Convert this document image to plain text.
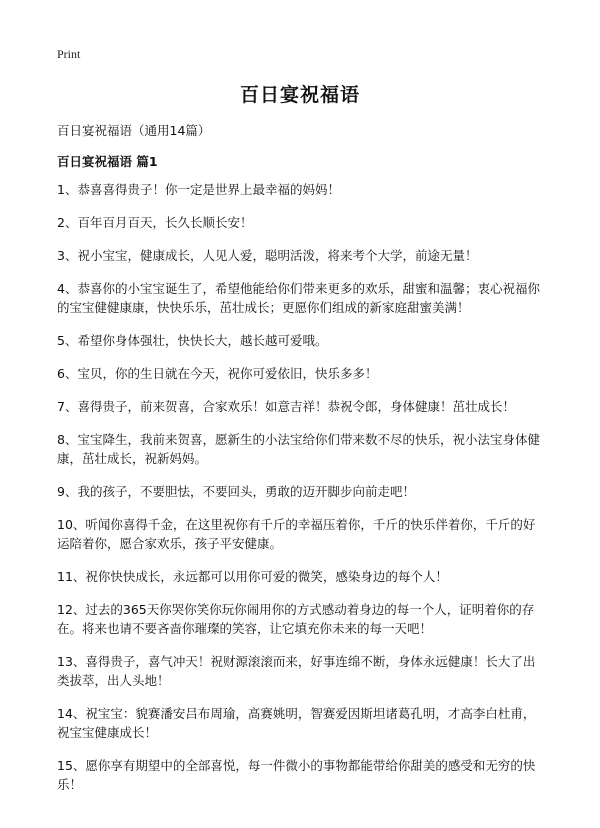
Print
百日宴祝福语

百日宴祝福语（通用14篇）

百日宴祝福语 篇1
1、恭喜喜得贵子！你一定是世界上最幸福的妈妈！
2、百年百月百天，长久长顺长安！
3、祝小宝宝，健康成长，人见人爱，聪明活泼，将来考个大学，前途无量！
4、恭喜你的小宝宝诞生了，希望他能给你们带来更多的欢乐，甜蜜和温馨；衷心祝福你的宝宝健健康康，快快乐乐，茁壮成长；更愿你们组成的新家庭甜蜜美满！
5、希望你身体强壮，快快长大，越长越可爱哦。
6、宝贝，你的生日就在今天，祝你可爱依旧，快乐多多！
7、喜得贵子，前来贺喜，合家欢乐！如意吉祥！恭祝令郎，身体健康！茁壮成长！
8、宝宝降生，我前来贺喜，愿新生的小法宝给你们带来数不尽的快乐，祝小法宝身体健康，茁壮成长，祝新妈妈。
9、我的孩子，不要胆怯，不要回头，勇敢的迈开脚步向前走吧！
10、听闻你喜得千金，在这里祝你有千斤的幸福压着你，千斤的快乐伴着你，千斤的好运陪着你，愿合家欢乐，孩子平安健康。
11、祝你快快成长，永远都可以用你可爱的微笑，感染身边的每个人！
12、过去的365天你哭你笑你玩你闹用你的方式感动着身边的每一个人，证明着你的存在。将来也请不要吝啬你璀璨的笑容，让它填充你未来的每一天吧！
13、喜得贵子，喜气冲天！祝财源滚滚而来，好事连绵不断，身体永远健康！长大了出类拔萃，出人头地！
14、祝宝宝：貌赛潘安吕布周瑜，高赛姚明，智赛爱因斯坦诸葛孔明，才高李白杜甫，祝宝宝健康成长！
15、愿你享有期望中的全部喜悦，每一件微小的事物都能带给你甜美的感受和无穷的快乐！
